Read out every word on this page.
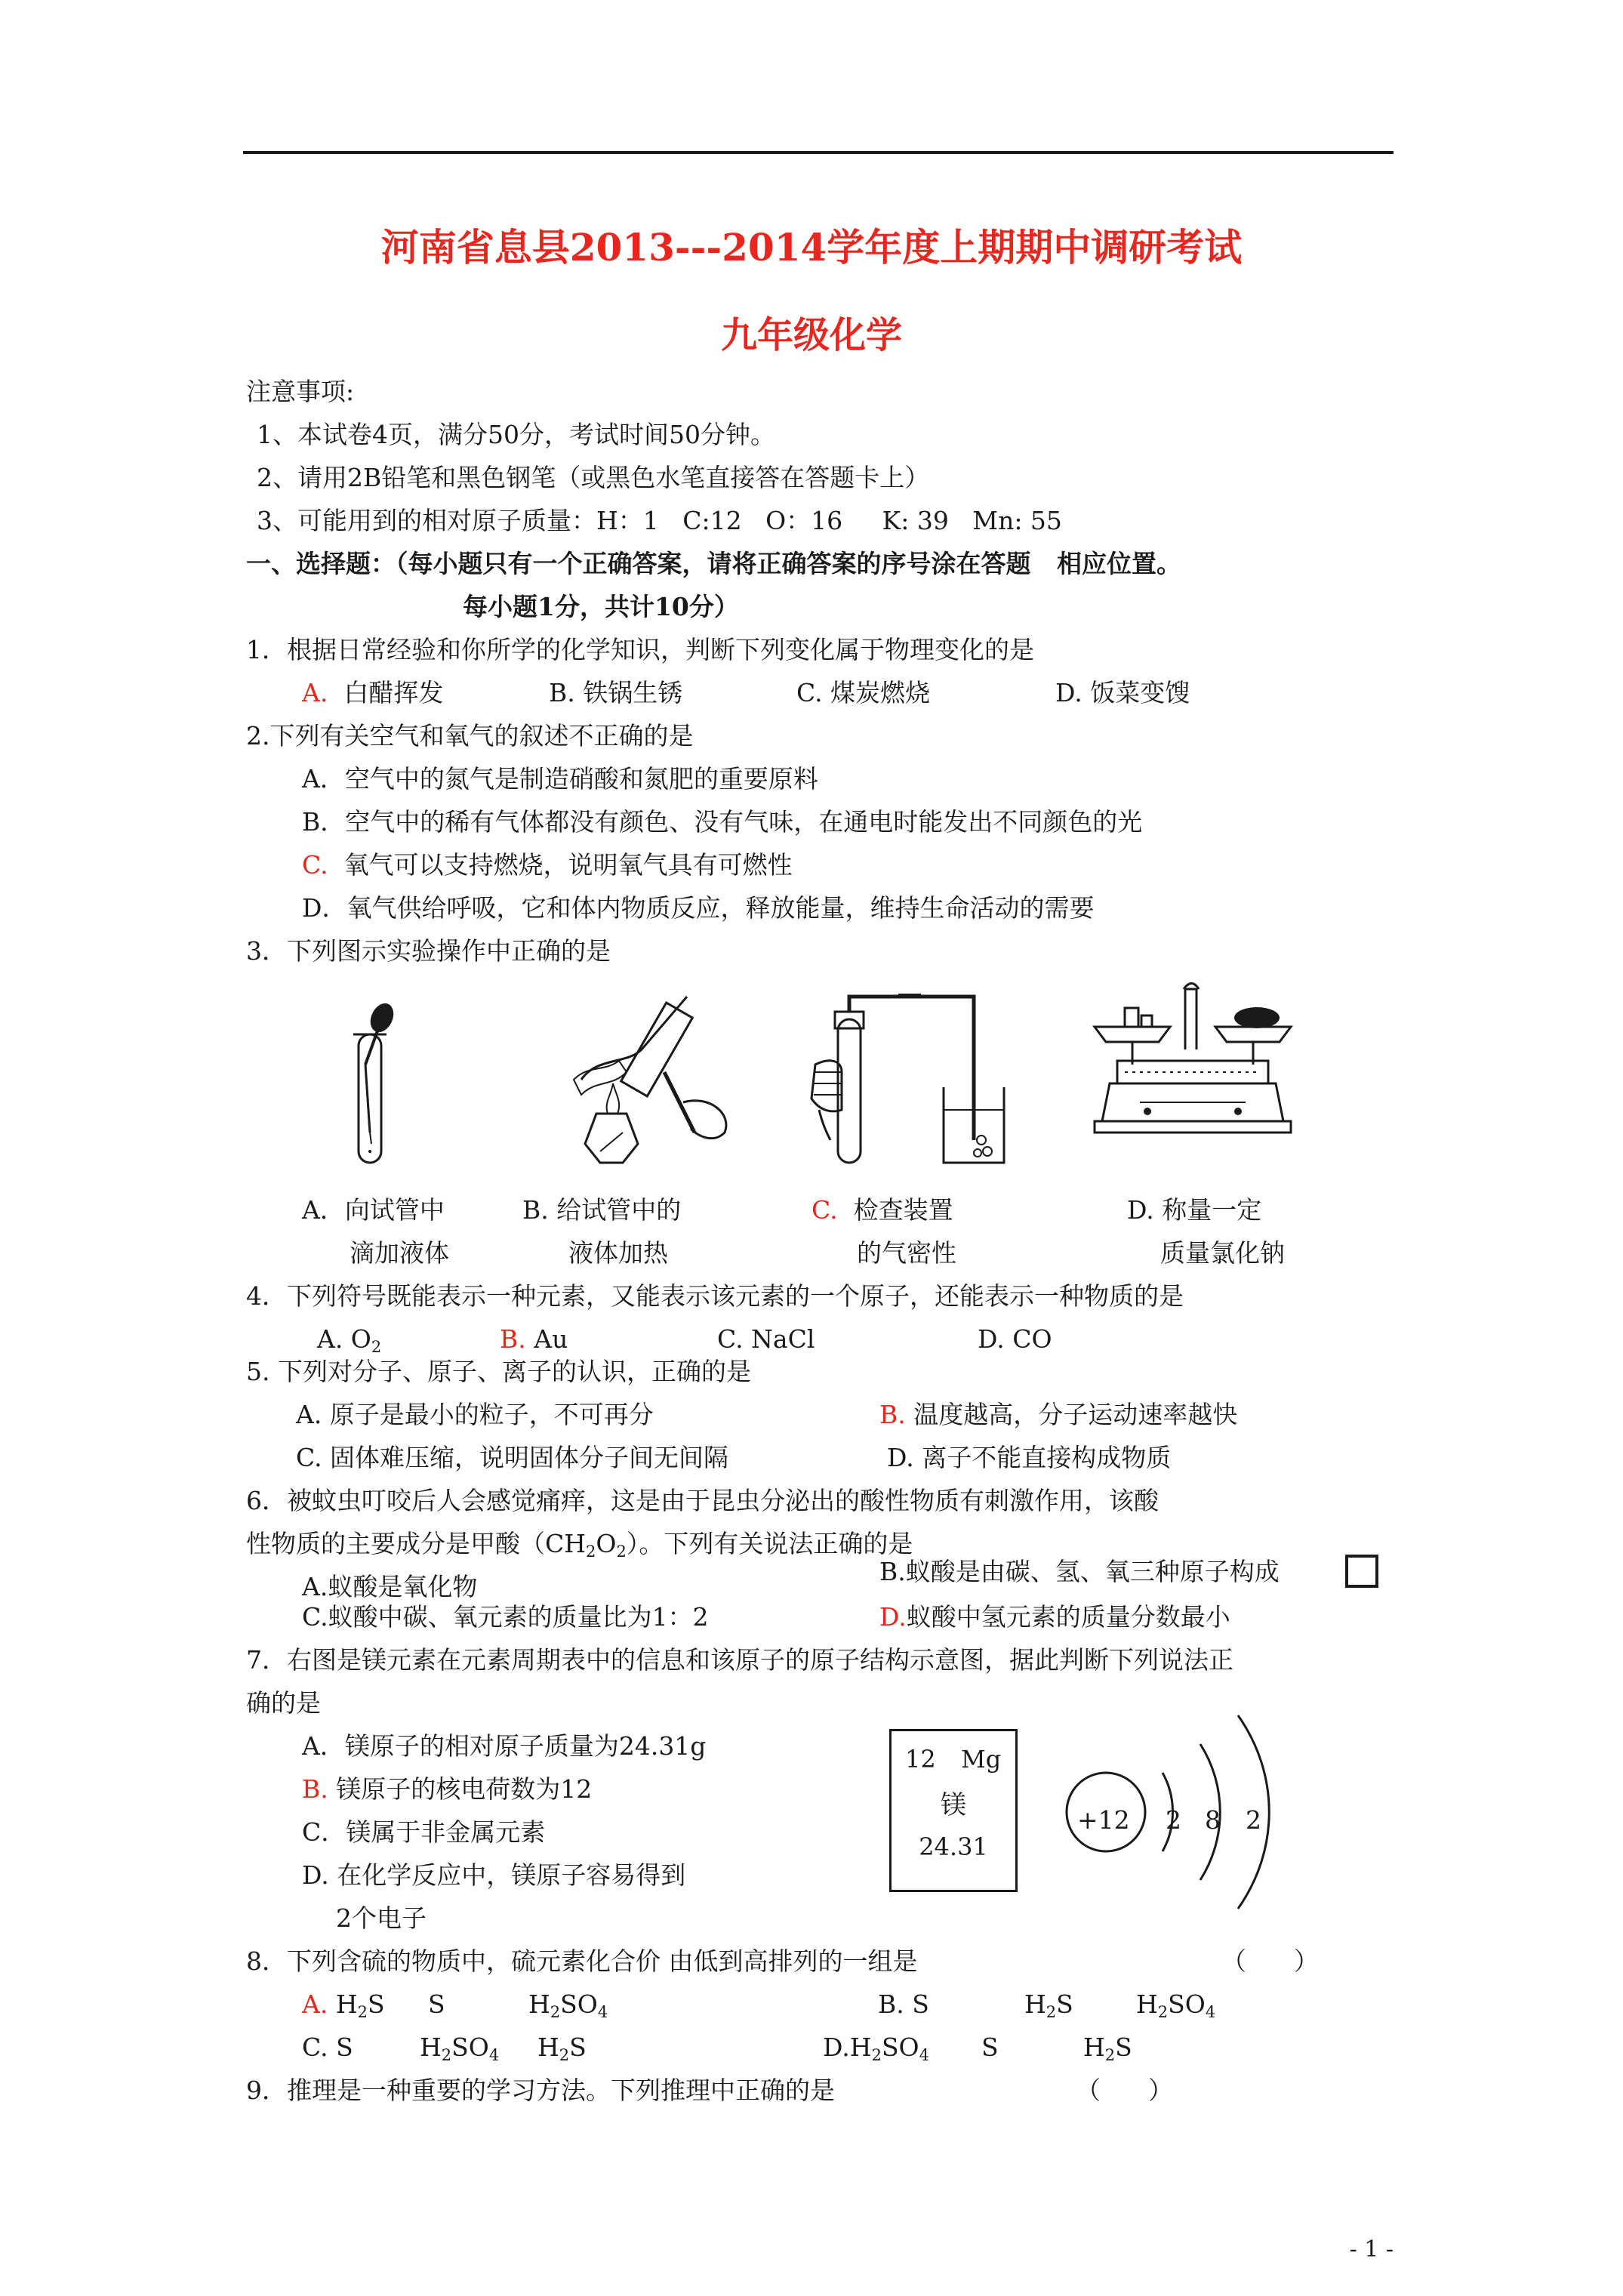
河南省息县2013---2014学年度上期期中调研考试
九年级化学
注意事项:
1、本试卷4页，满分50分，考试时间50分钟。
2、请用2B铅笔和黑色钢笔（或黑色水笔直接答在答题卡上）
3、可能用到的相对原子质量：H：1   C:12   O：16     K: 39   Mn: 55
一、选择题：（每小题只有一个正确答案，请将正确答案的序号涂在答题   相应位置。
每小题1分，共计10分）
1．根据日常经验和你所学的化学知识，判断下列变化属于物理变化的是
A. 白醋挥发	B. 铁锅生锈	C. 煤炭燃烧	D. 饭菜变馊
2.下列有关空气和氧气的叙述不正确的是
A．空气中的氮气是制造硝酸和氮肥的重要原料
B．空气中的稀有气体都没有颜色、没有气味，在通电时能发出不同颜色的光
C. 氧气可以支持燃烧，说明氧气具有可燃性
D．氧气供给呼吸，它和体内物质反应，释放能量，维持生命活动的需要
3．下列图示实验操作中正确的是
A．向试管中
滴加液体
B. 给试管中的
液体加热
C. 检查装置
的气密性
D. 称量一定
质量氯化钠
4．下列符号既能表示一种元素，又能表示该元素的一个原子，还能表示一种物质的是
A. $O_2$	B. Au	C. NaCl	D. CO
5. 下列对分子、原子、离子的认识，正确的是
A. 原子是最小的粒子，不可再分	B. 温度越高，分子运动速率越快
C. 固体难压缩，说明固体分子间无间隔	D. 离子不能直接构成物质
6．被蚊虫叮咬后人会感觉痛痒，这是由于昆虫分泌出的酸性物质有刺激作用，该酸
性物质的主要成分是甲酸$(CH_2O_2)$。下列有关说法正确的是
A.蚁酸是氧化物
B.蚁酸是由碳、氢、氧三种原子构成
C.蚁酸中碳、氧元素的质量比为1：2	D.蚁酸中氢元素的质量分数最小
7．右图是镁元素在元素周期表中的信息和该原子的原子结构示意图，据此判断下列说法正
确的是
A．镁原子的相对原子质量为24.31g
B. 镁原子的核电荷数为12
C．镁属于非金属元素
D. 在化学反应中，镁原子容易得到
2个电子

12

Mg

镁

24.31

+12 2 8 2
8．下列含硫的物质中，硫元素化合价 由低到高排列的一组是	（      ）
A. $H_2S$ S	$H_2SO_4$	B. S	$H_2S$	$H_2SO_4$
C. S	$H_2SO_4$ $H_2S$	$D.H_2SO_4$ S	$H_2S$
9．推理是一种重要的学习方法。下列推理中正确的是	（      ）
- 1 -
